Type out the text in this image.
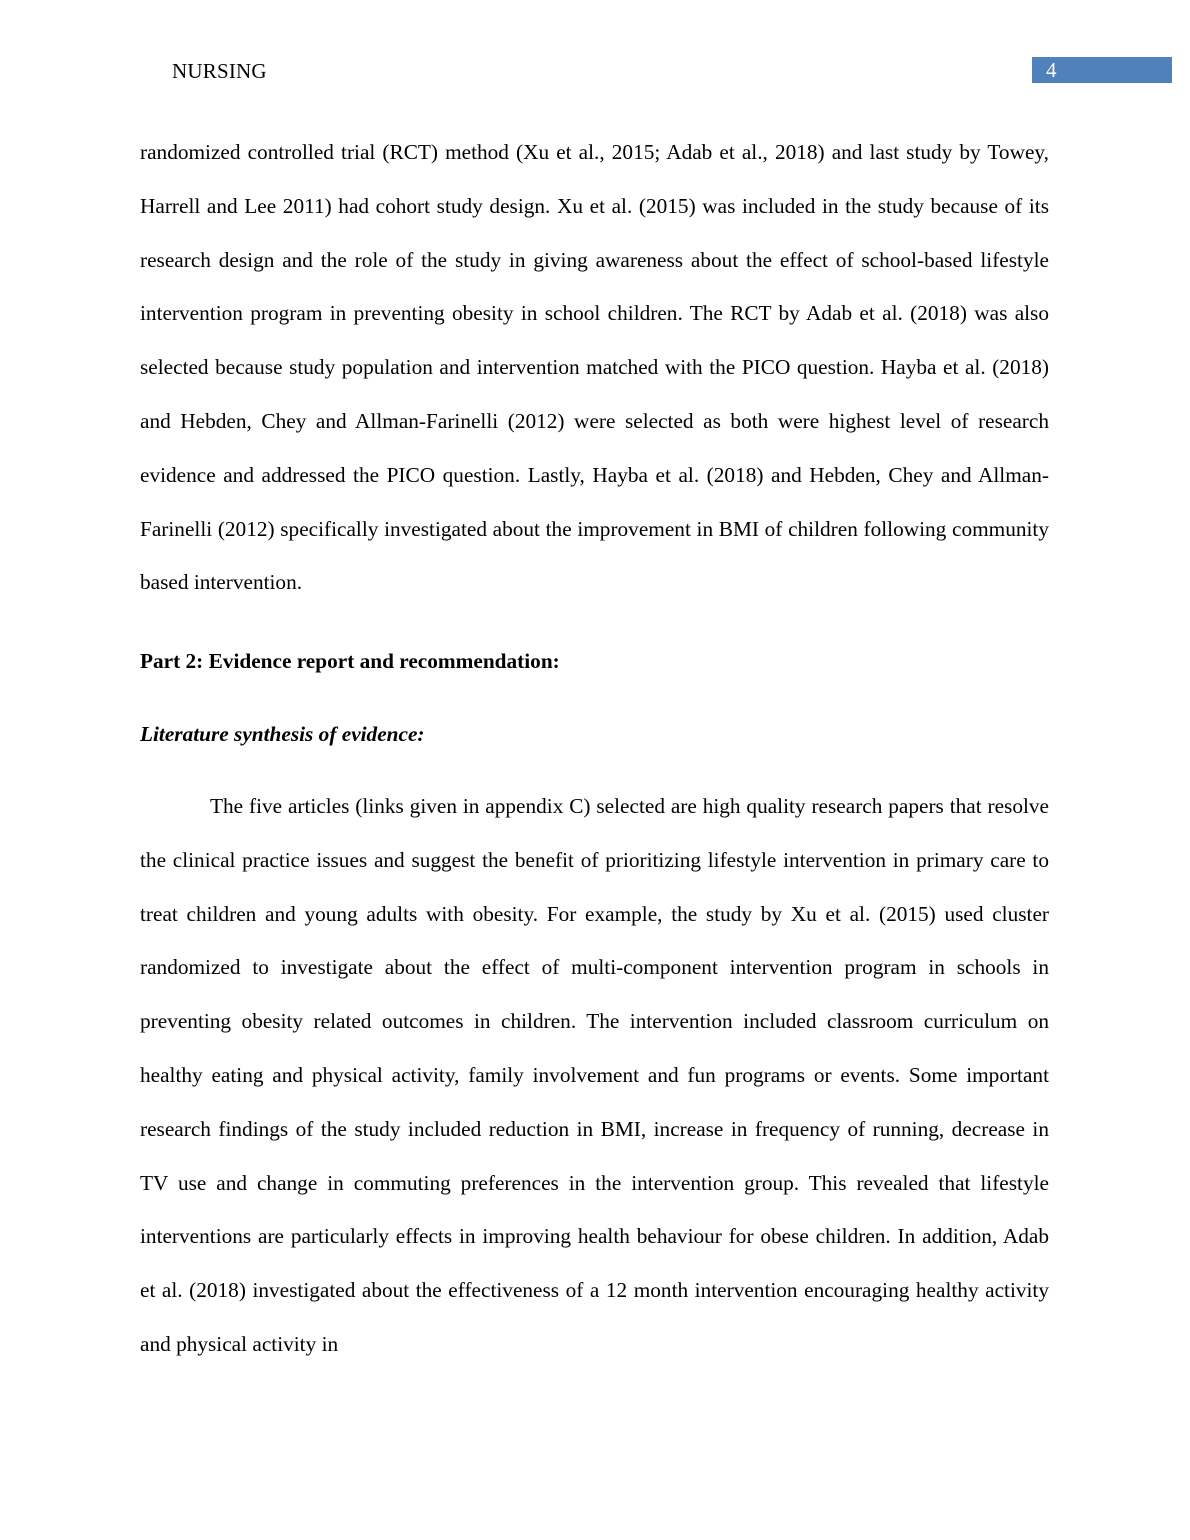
NURSING	4

randomized controlled trial (RCT) method (Xu et al., 2015; Adab et al., 2018) and last study by Towey, Harrell and Lee 2011) had cohort study design. Xu et al. (2015) was included in the study because of its research design and the role of the study in giving awareness about the effect of school-based lifestyle intervention program in preventing obesity in school children. The RCT by Adab et al. (2018) was also selected because study population and intervention matched with the PICO question. Hayba et al. (2018) and Hebden, Chey and Allman-Farinelli (2012) were selected as both were highest level of research evidence and addressed the PICO question. Lastly, Hayba et al. (2018) and Hebden, Chey and Allman-Farinelli (2012) specifically investigated about the improvement in BMI of children following community based intervention.

Part 2: Evidence report and recommendation:
Literature synthesis of evidence:

The five articles (links given in appendix C) selected are high quality research papers that resolve the clinical practice issues and suggest the benefit of prioritizing lifestyle intervention in primary care to treat children and young adults with obesity. For example, the study by Xu et al. (2015) used cluster randomized to investigate about the effect of multi-component intervention program in schools in preventing obesity related outcomes in children. The intervention included classroom curriculum on healthy eating and physical activity, family involvement and fun programs or events. Some important research findings of the study included reduction in BMI, increase in frequency of running, decrease in TV use and change in commuting preferences in the intervention group. This revealed that lifestyle interventions are particularly effects in improving health behaviour for obese children. In addition, Adab et al. (2018) investigated about the effectiveness of a 12 month intervention encouraging healthy activity and physical activity in
